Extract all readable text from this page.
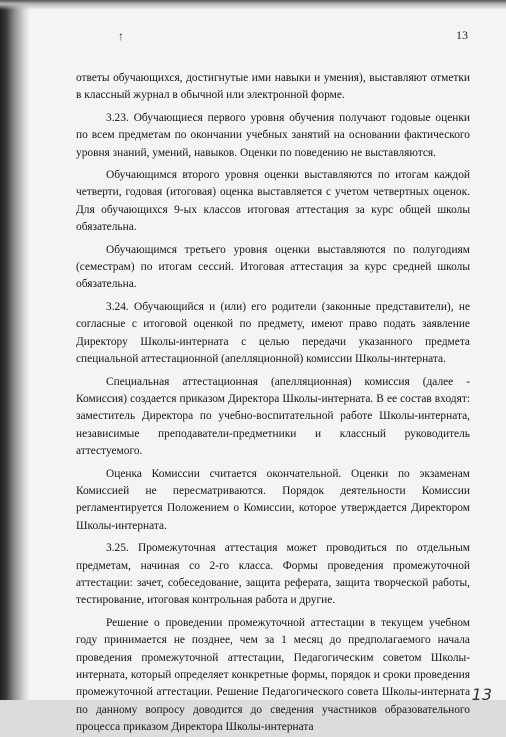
↑	13

ответы обучающихся, достигнутые ими навыки и умения), выставляют отметки в классный журнал в обычной или электронной форме.

3.23. Обучающиеся первого уровня обучения получают годовые оценки по всем предметам по окончании учебных занятий на основании фактического уровня знаний, умений, навыков. Оценки по поведению не выставляются.

Обучающимся второго уровня оценки выставляются по итогам каждой четверти, годовая (итоговая) оценка выставляется с учетом четвертных оценок. Для обучающихся 9-ых классов итоговая аттестация за курс общей школы обязательна.

Обучающимся третьего уровня оценки выставляются по полугодиям (семестрам) по итогам сессий. Итоговая аттестация за курс средней школы обязательна.

3.24. Обучающийся и (или) его родители (законные представители), не согласные с итоговой оценкой по предмету, имеют право подать заявление Директору Школы-интерната с целью передачи указанного предмета специальной аттестационной (апелляционной) комиссии Школы-интерната.

Специальная аттестационная (апелляционная) комиссия (далее - Комиссия) создается приказом Директора Школы-интерната. В ее состав входят: заместитель Директора по учебно-воспитательной работе Школы-интерната, независимые преподаватели-предметники и классный руководитель аттестуемого.

Оценка Комиссии считается окончательной. Оценки по экзаменам Комиссией не пересматриваются. Порядок деятельности Комиссии регламентируется Положением о Комиссии, которое утверждается Директором Школы-интерната.

3.25. Промежуточная аттестация может проводиться по отдельным предметам, начиная со 2-го класса. Формы проведения промежуточной аттестации: зачет, собеседование, защита реферата, защита творческой работы, тестирование, итоговая контрольная работа и другие.

Решение о проведении промежуточной аттестации в текущем учебном году принимается не позднее, чем за 1 месяц до предполагаемого начала проведения промежуточной аттестации, Педагогическим советом Школы-интерната, который определяет конкретные формы, порядок и сроки проведения промежуточной аттестации. Решение Педагогического совета Школы-интерната по данному вопросу доводится до сведения участников образовательного процесса приказом Директора Школы-интерната

13
